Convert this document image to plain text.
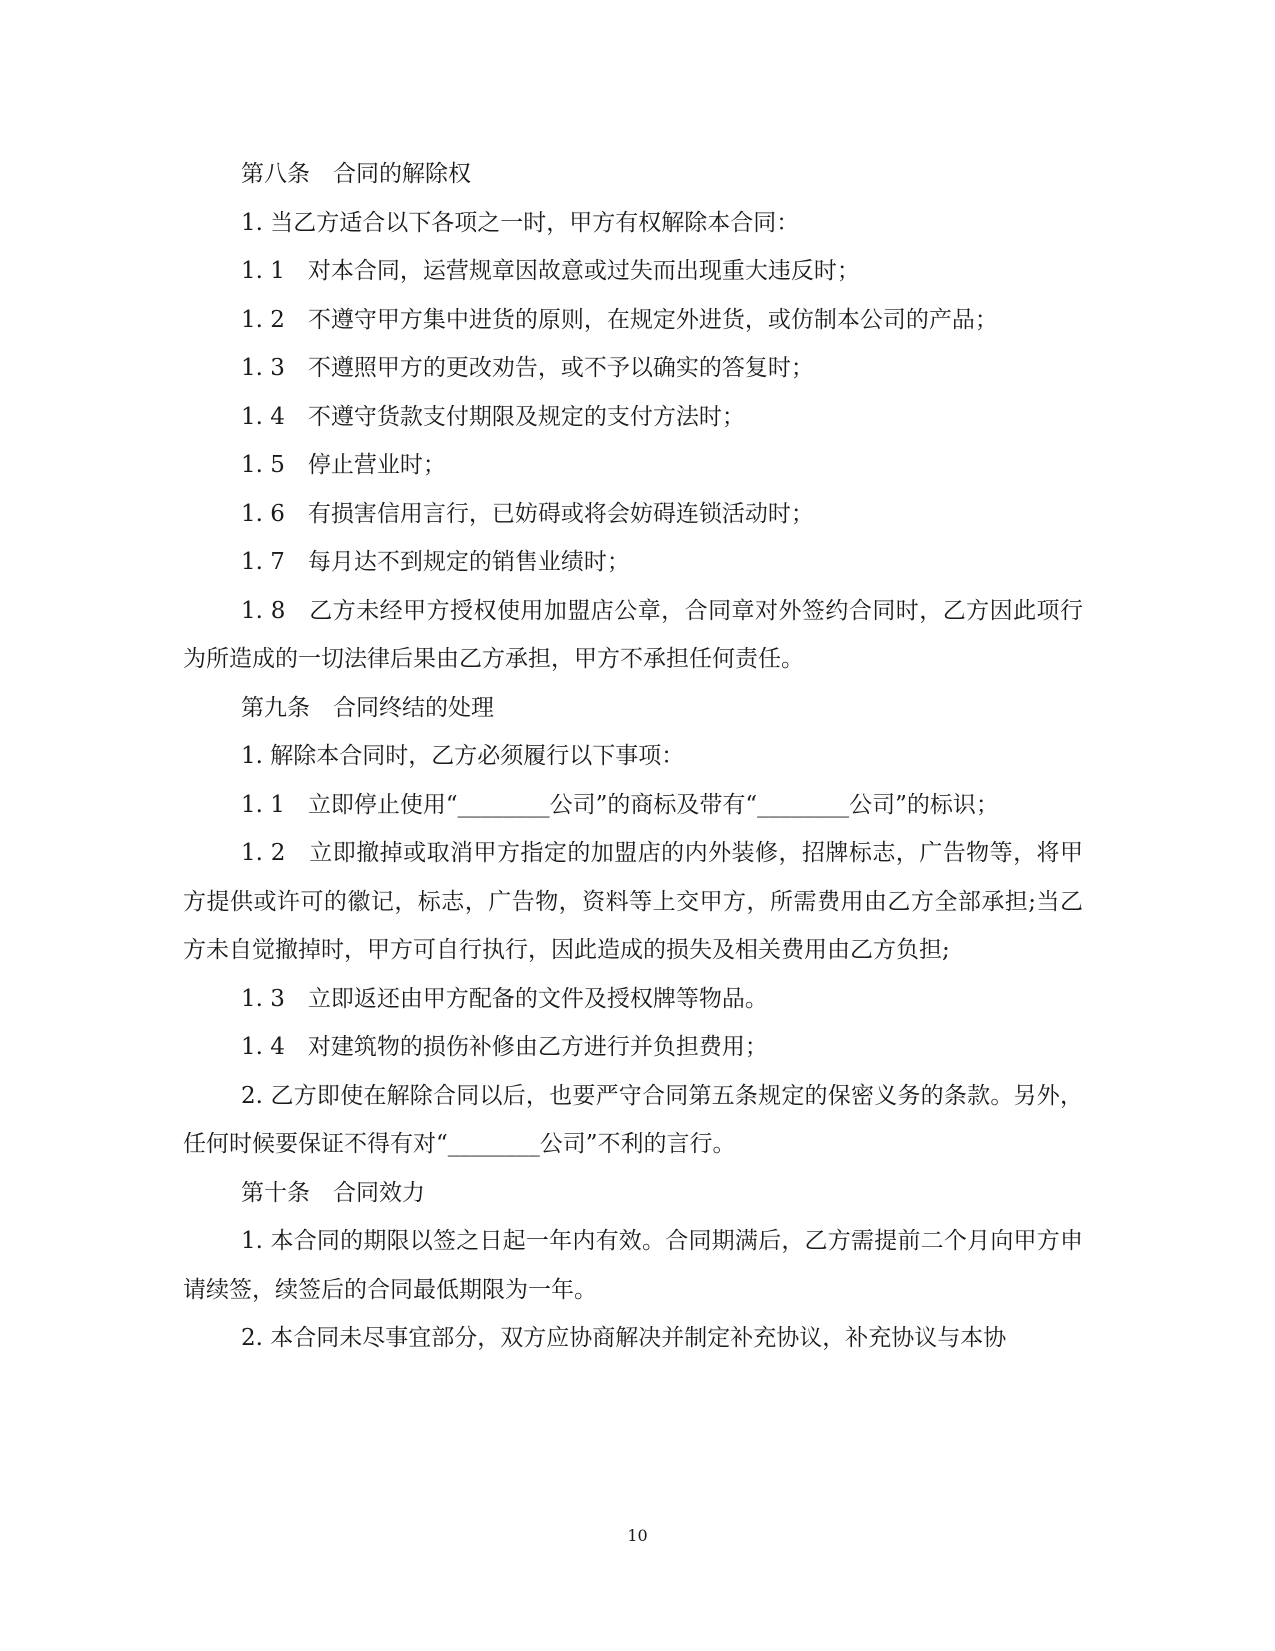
第八条　合同的解除权

1. 当乙方适合以下各项之一时，甲方有权解除本合同：

1. 1　对本合同，运营规章因故意或过失而出现重大违反时；

1. 2　不遵守甲方集中进货的原则，在规定外进货，或仿制本公司的产品；

1. 3　不遵照甲方的更改劝告，或不予以确实的答复时；

1. 4　不遵守货款支付期限及规定的支付方法时；

1. 5　停止营业时；

1. 6　有损害信用言行，已妨碍或将会妨碍连锁活动时；

1. 7　每月达不到规定的销售业绩时；

1. 8　乙方未经甲方授权使用加盟店公章，合同章对外签约合同时，乙方因此项行为所造成的一切法律后果由乙方承担，甲方不承担任何责任。

第九条　合同终结的处理

1. 解除本合同时，乙方必须履行以下事项：

1. 1　立即停止使用“________公司”的商标及带有“________公司”的标识；

1. 2　立即撤掉或取消甲方指定的加盟店的内外装修，招牌标志，广告物等，将甲方提供或许可的徽记，标志，广告物，资料等上交甲方，所需费用由乙方全部承担;当乙方未自觉撤掉时，甲方可自行执行，因此造成的损失及相关费用由乙方负担;

1. 3　立即返还由甲方配备的文件及授权牌等物品。

1. 4　对建筑物的损伤补修由乙方进行并负担费用；

2. 乙方即使在解除合同以后，也要严守合同第五条规定的保密义务的条款。另外，任何时候要保证不得有对“________公司”不利的言行。

第十条　合同效力

1. 本合同的期限以签之日起一年内有效。合同期满后，乙方需提前二个月向甲方申请续签，续签后的合同最低期限为一年。

2. 本合同未尽事宜部分，双方应协商解决并制定补充协议，补充协议与本协

10
